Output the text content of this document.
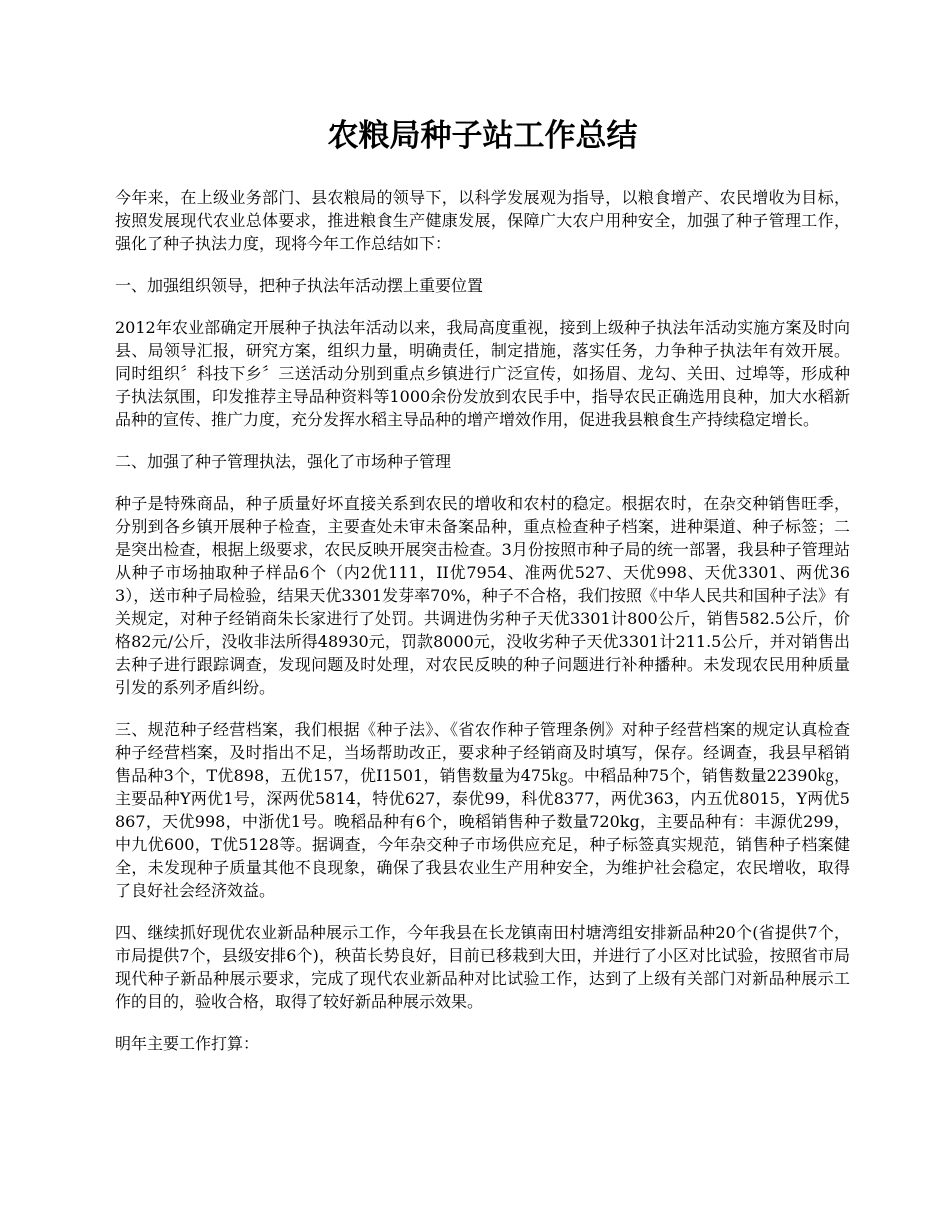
农粮局种子站工作总结

今年来，在上级业务部门、县农粮局的领导下，以科学发展观为指导，以粮食增产、农民增收为目标，按照发展现代农业总体要求，推进粮食生产健康发展，保障广大农户用种安全，加强了种子管理工作，强化了种子执法力度，现将今年工作总结如下：

一、加强组织领导，把种子执法年活动摆上重要位置

2012年农业部确定开展种子执法年活动以来，我局高度重视，接到上级种子执法年活动实施方案及时向县、局领导汇报，研究方案，组织力量，明确责任，制定措施，落实任务，力争种子执法年有效开展。同时组织〞科技下乡〞三送活动分别到重点乡镇进行广泛宣传，如扬眉、龙勾、关田、过埠等，形成种子执法氛围，印发推荐主导品种资料等1000余份发放到农民手中，指导农民正确选用良种，加大水稻新品种的宣传、推广力度，充分发挥水稻主导品种的增产增效作用，促进我县粮食生产持续稳定增长。

二、加强了种子管理执法，强化了市场种子管理

种子是特殊商品，种子质量好坏直接关系到农民的增收和农村的稳定。根据农时，在杂交种销售旺季，分别到各乡镇开展种子检查，主要查处未审未备案品种，重点检查种子档案，进种渠道、种子标签；二是突出检查，根据上级要求，农民反映开展突击检查。3月份按照市种子局的统一部署，我县种子管理站从种子市场抽取种子样品6个（内2优111，II优7954、准两优527、天优998、天优3301、两优363），送市种子局检验，结果天优3301发芽率70%，种子不合格，我们按照《中华人民共和国种子法》有关规定，对种子经销商朱长家进行了处罚。共调进伪劣种子天优3301计800公斤，销售582.5公斤，价格82元/公斤，没收非法所得48930元，罚款8000元，没收劣种子天优3301计211.5公斤，并对销售出去种子进行跟踪调查，发现问题及时处理，对农民反映的种子问题进行补种播种。未发现农民用种质量引发的系列矛盾纠纷。

三、规范种子经营档案，我们根据《种子法》、《省农作种子管理条例》对种子经营档案的规定认真检查种子经营档案，及时指出不足，当场帮助改正，要求种子经销商及时填写，保存。经调查，我县早稻销售品种3个，T优898，五优157，优I1501，销售数量为475㎏。中稻品种75个，销售数量22390㎏，主要品种Y两优1号，深两优5814，特优627，泰优99，科优8377，两优363，内五优8015，Y两优5867，天优998，中浙优1号。晚稻品种有6个，晚稻销售种子数量720kg，主要品种有：丰源优299，中九优600，T优5128等。据调查，今年杂交种子市场供应充足，种子标签真实规范，销售种子档案健全，未发现种子质量其他不良现象，确保了我县农业生产用种安全，为维护社会稳定，农民增收，取得了良好社会经济效益。

四、继续抓好现优农业新品种展示工作，今年我县在长龙镇南田村塘湾组安排新品种20个(省提供7个，市局提供7个，县级安排6个)，秧苗长势良好，目前已移栽到大田，并进行了小区对比试验，按照省市局现代种子新品种展示要求，完成了现代农业新品种对比试验工作，达到了上级有关部门对新品种展示工作的目的，验收合格，取得了较好新品种展示效果。

明年主要工作打算：
